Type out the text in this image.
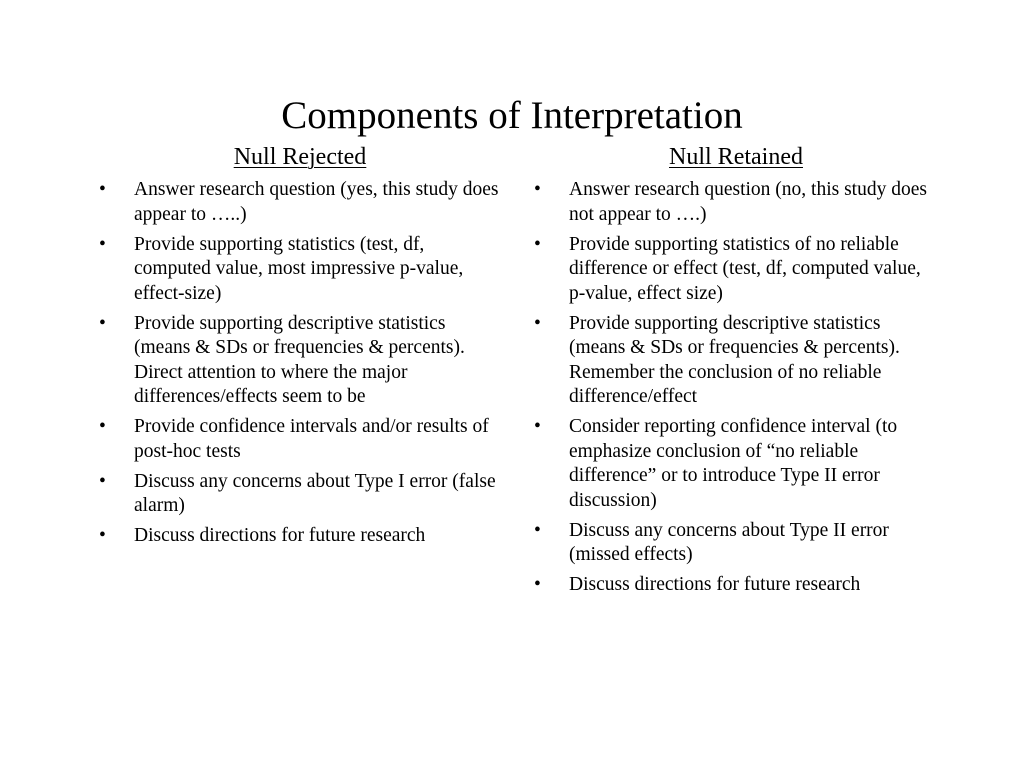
Components of Interpretation
Null Rejected
• Answer research question (yes, this study does appear to …..)
• Provide supporting statistics (test, df, computed value, most impressive p-value, effect-size)
• Provide supporting descriptive statistics (means & SDs or frequencies & percents). Direct attention to where the major differences/effects seem to be
• Provide confidence intervals and/or results of post-hoc tests
• Discuss any concerns about Type I error (false alarm)
• Discuss directions for future research
Null Retained
• Answer research question (no, this study does not appear to ….)
• Provide supporting statistics of no reliable difference or effect (test, df, computed value, p-value, effect size)
• Provide supporting descriptive statistics (means & SDs or frequencies & percents). Remember the conclusion of no reliable difference/effect
• Consider reporting confidence interval (to emphasize conclusion of “no reliable difference” or to introduce Type II error discussion)
• Discuss any concerns about Type II error (missed effects)
• Discuss directions for future research
